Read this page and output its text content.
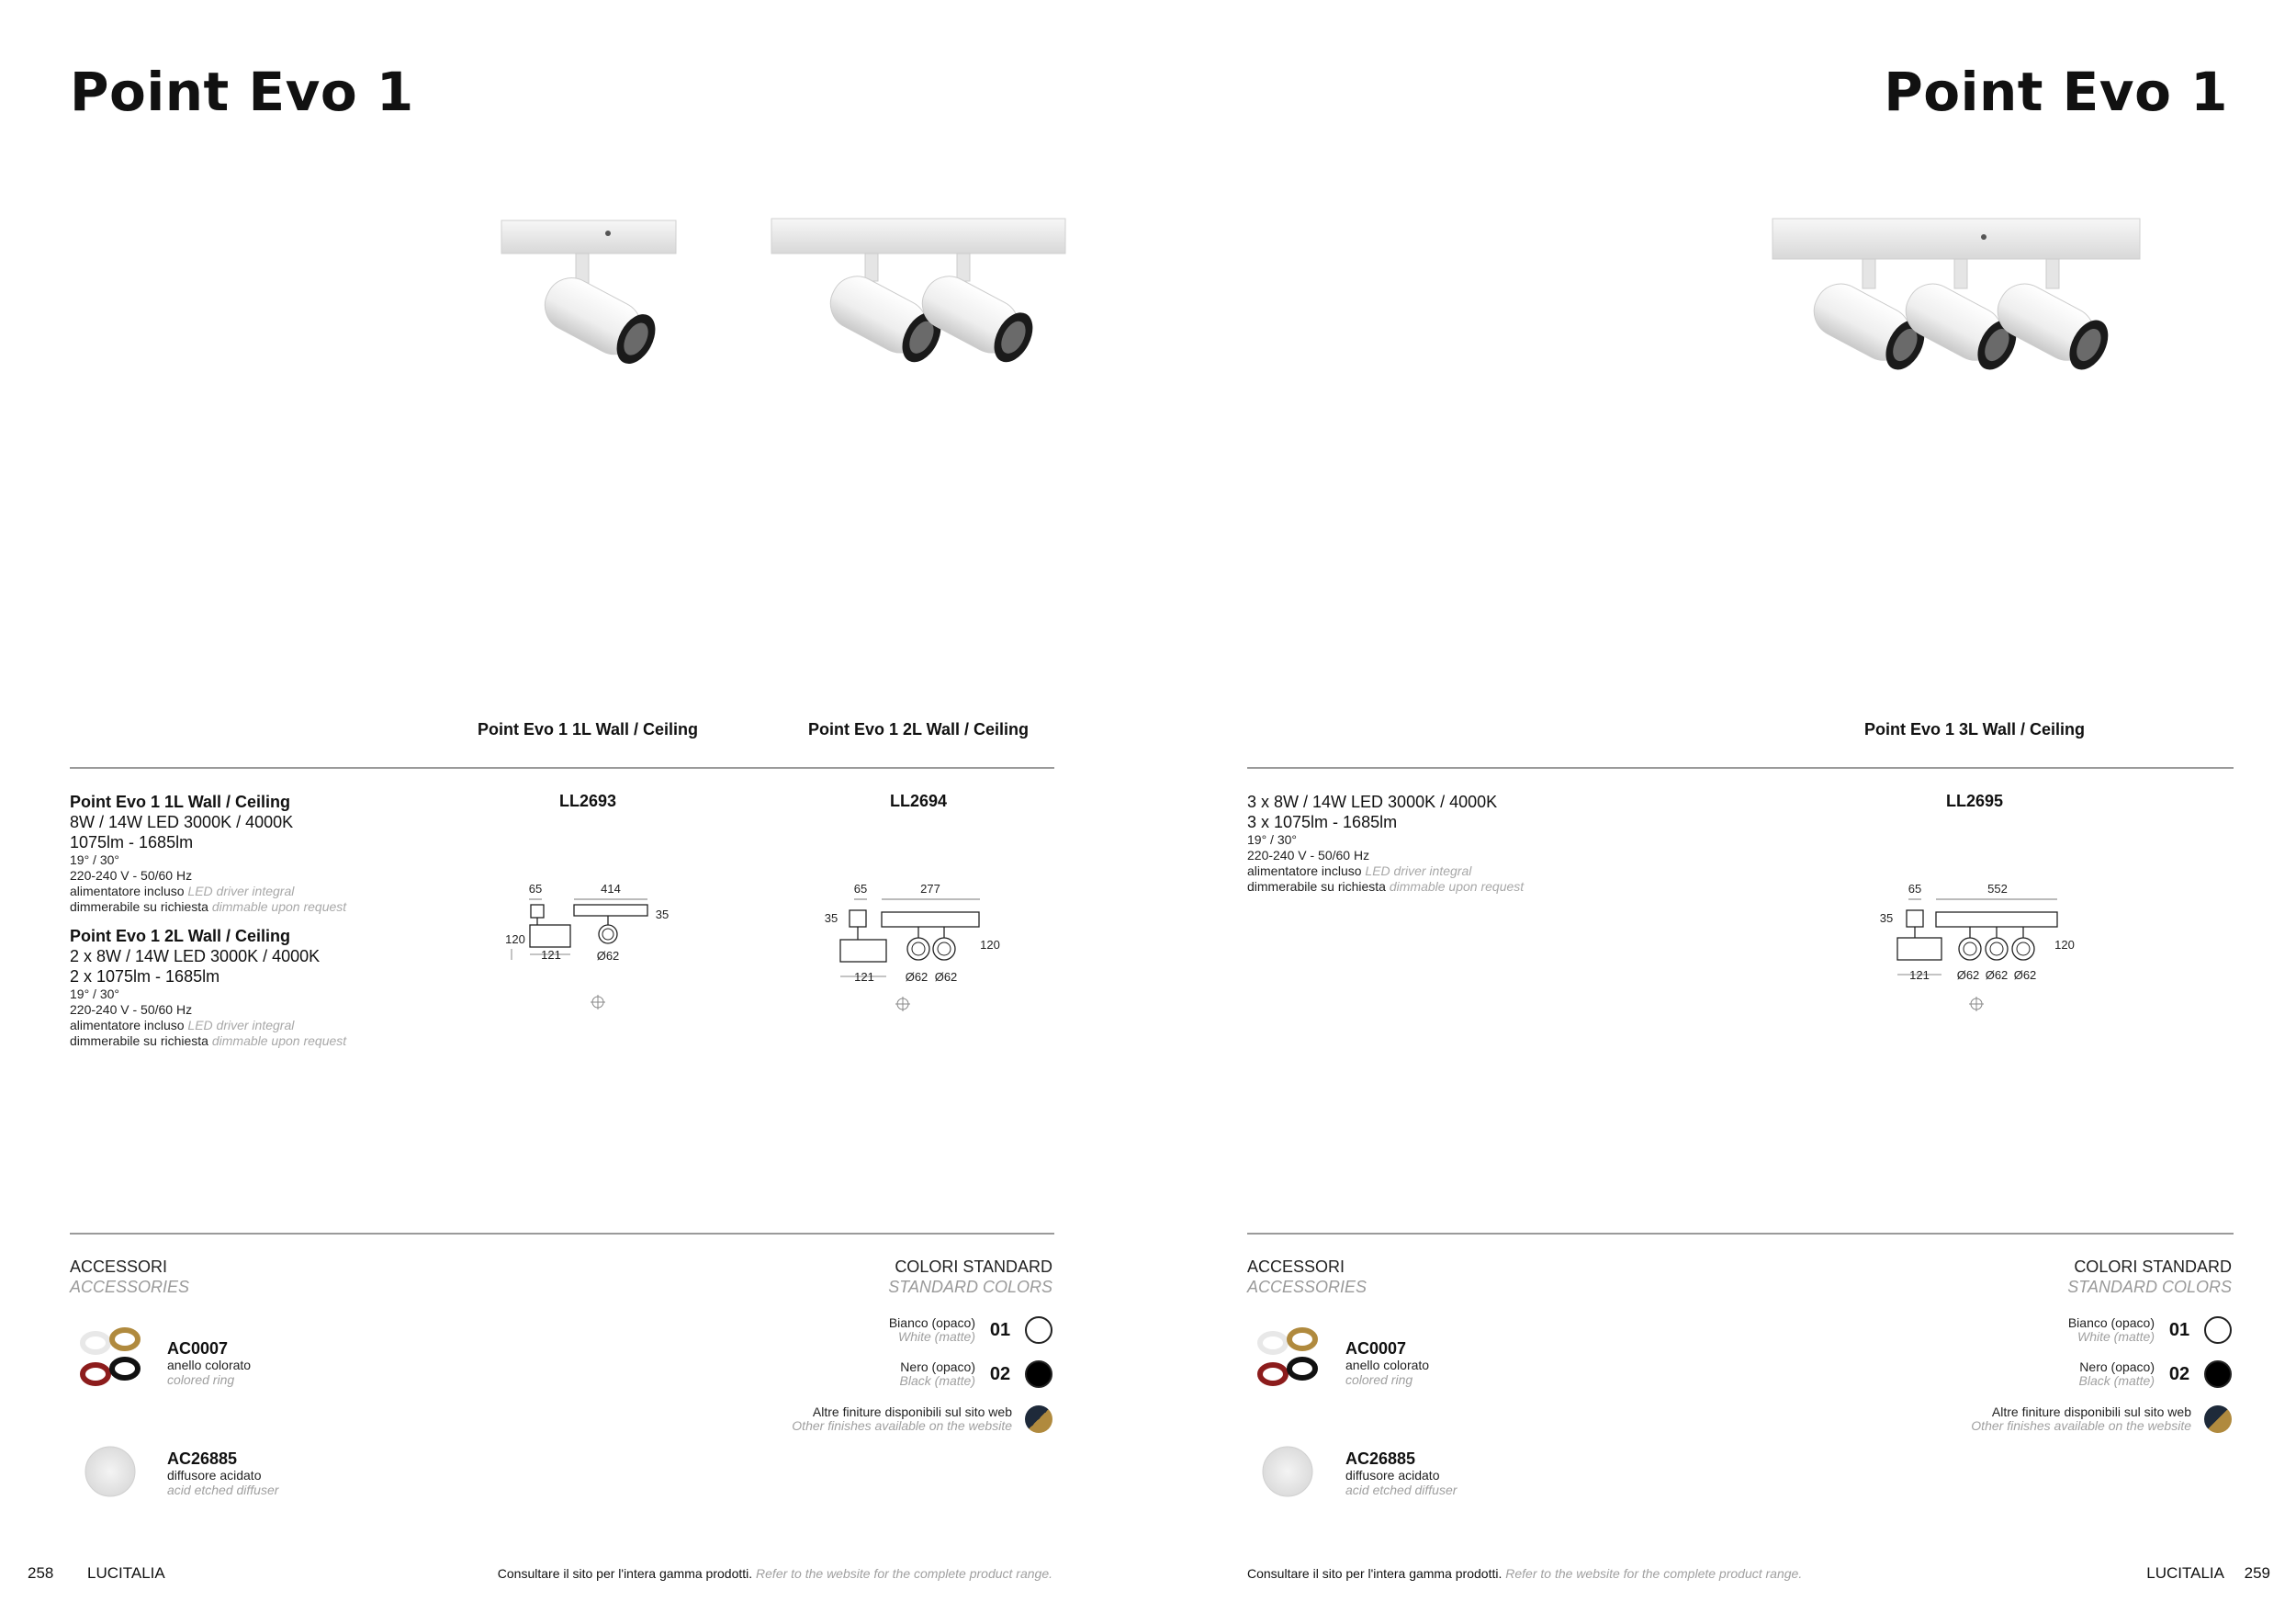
Point Evo 1
Point Evo 1 1L Wall / Ceiling	Point Evo 1 2L Wall / Ceiling
Point Evo 1 1L Wall / Ceiling
8W / 14W LED 3000K / 4000K
1075lm - 1685lm
19° / 30°
220-240 V - 50/60 Hz
alimentatore incluso LED driver integral
dimmerabile su richiesta dimmable upon request
Point Evo 1 2L Wall / Ceiling
2 x 8W / 14W LED 3000K / 4000K
2 x 1075lm - 1685lm
19° / 30°
220-240 V - 50/60 Hz
alimentatore incluso LED driver integral
dimmerabile su richiesta dimmable upon request
LL2693	LL2694
65	414
35
120
121	Ø62
65	277
35
120
121	Ø62 Ø62
ACCESSORI
ACCESSORIES
AC0007
anello colorato
colored ring
AC26885
diffusore acidato
acid etched diffuser
COLORI STANDARD
STANDARD COLORS
Bianco (opaco)
White (matte) 01
Nero (opaco)
Black (matte) 02
Altre finiture disponibili sul sito web
Other finishes available on the website
258 LUCITALIA	Consultare il sito per l'intera gamma prodotti. Refer to the website for the complete product range.
Point Evo 1
Point Evo 1 3L Wall / Ceiling
3 x 8W / 14W LED 3000K / 4000K
3 x 1075lm - 1685lm
19° / 30°
220-240 V - 50/60 Hz
alimentatore incluso LED driver integral
dimmerabile su richiesta dimmable upon request
LL2695
65	552
35
120
121 Ø62 Ø62 Ø62
ACCESSORI
ACCESSORIES
AC0007
anello colorato
colored ring
AC26885
diffusore acidato
acid etched diffuser
COLORI STANDARD
STANDARD COLORS
Bianco (opaco)
White (matte) 01
Nero (opaco)
Black (matte) 02
Altre finiture disponibili sul sito web
Other finishes available on the website
Consultare il sito per l'intera gamma prodotti. Refer to the website for the complete product range.	LUCITALIA 259
